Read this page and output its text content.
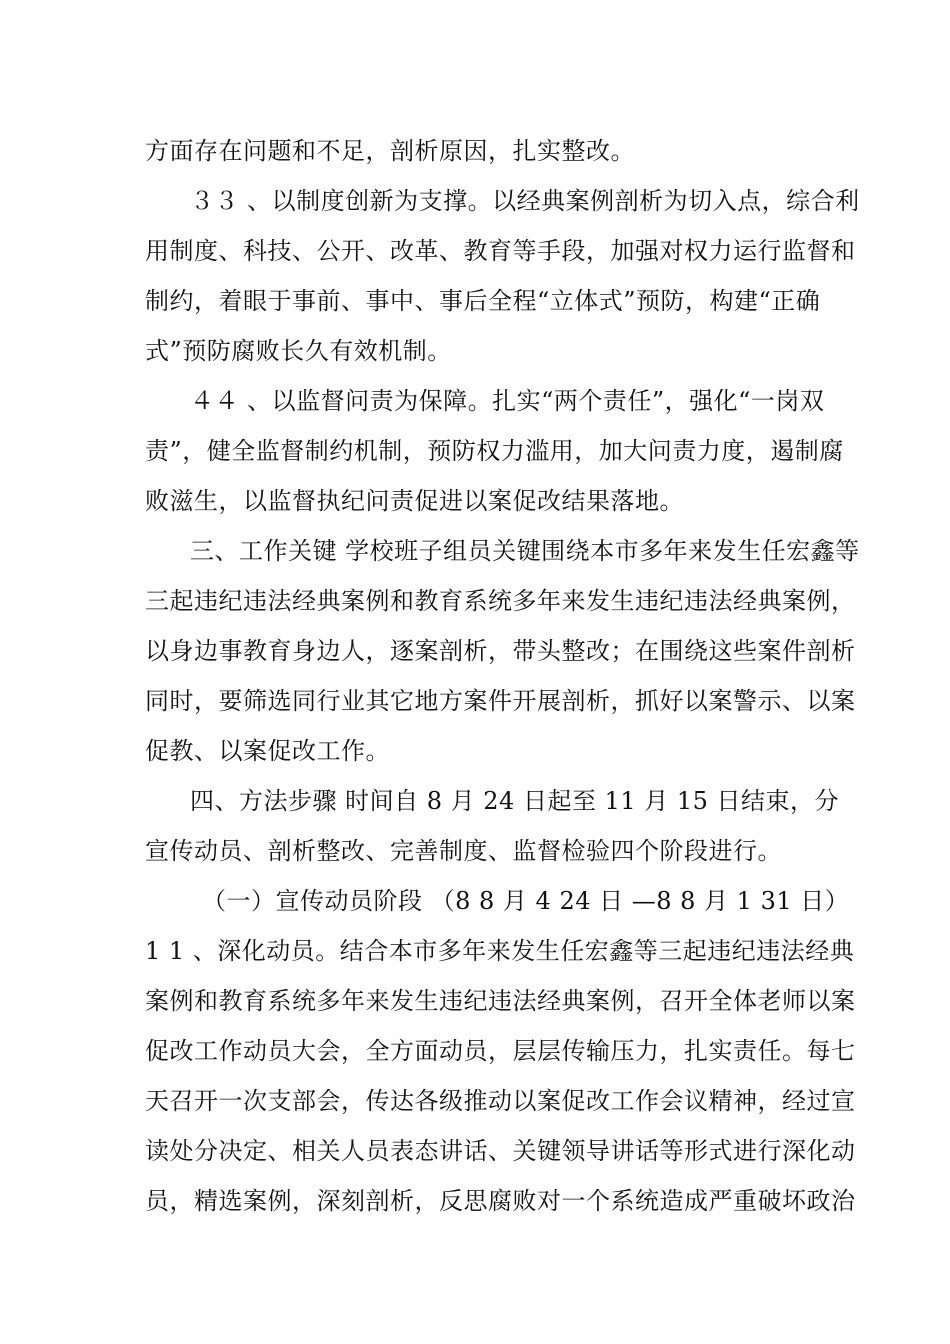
方面存在问题和不足，剖析原因，扎实整改。
３３ 、以制度创新为支撑。以经典案例剖析为切入点，综合利
用制度、科技、公开、改革、教育等手段，加强对权力运行监督和
制约，着眼于事前、事中、事后全程“立体式”预防，构建“正确
式”预防腐败长久有效机制。
４４ 、以监督问责为保障。扎实“两个责任”，强化“一岗双
责”，健全监督制约机制，预防权力滥用，加大问责力度，遏制腐
败滋生，以监督执纪问责促进以案促改结果落地。
三、工作关键 学校班子组员关键围绕本市多年来发生任宏鑫等
三起违纪违法经典案例和教育系统多年来发生违纪违法经典案例，
以身边事教育身边人，逐案剖析，带头整改；在围绕这些案件剖析
同时，要筛选同行业其它地方案件开展剖析，抓好以案警示、以案
促教、以案促改工作。
四、方法步骤 时间自 8 月 24 日起至 11 月 15 日结束，分
宣传动员、剖析整改、完善制度、监督检验四个阶段进行。
（一）宣传动员阶段 （8 8 月 4 24 日 —8 8 月 1 31 日）
1 1 、深化动员。结合本市多年来发生任宏鑫等三起违纪违法经典
案例和教育系统多年来发生违纪违法经典案例，召开全体老师以案
促改工作动员大会，全方面动员，层层传输压力，扎实责任。每七
天召开一次支部会，传达各级推动以案促改工作会议精神，经过宣
读处分决定、相关人员表态讲话、关键领导讲话等形式进行深化动
员，精选案例，深刻剖析，反思腐败对一个系统造成严重破坏政治
